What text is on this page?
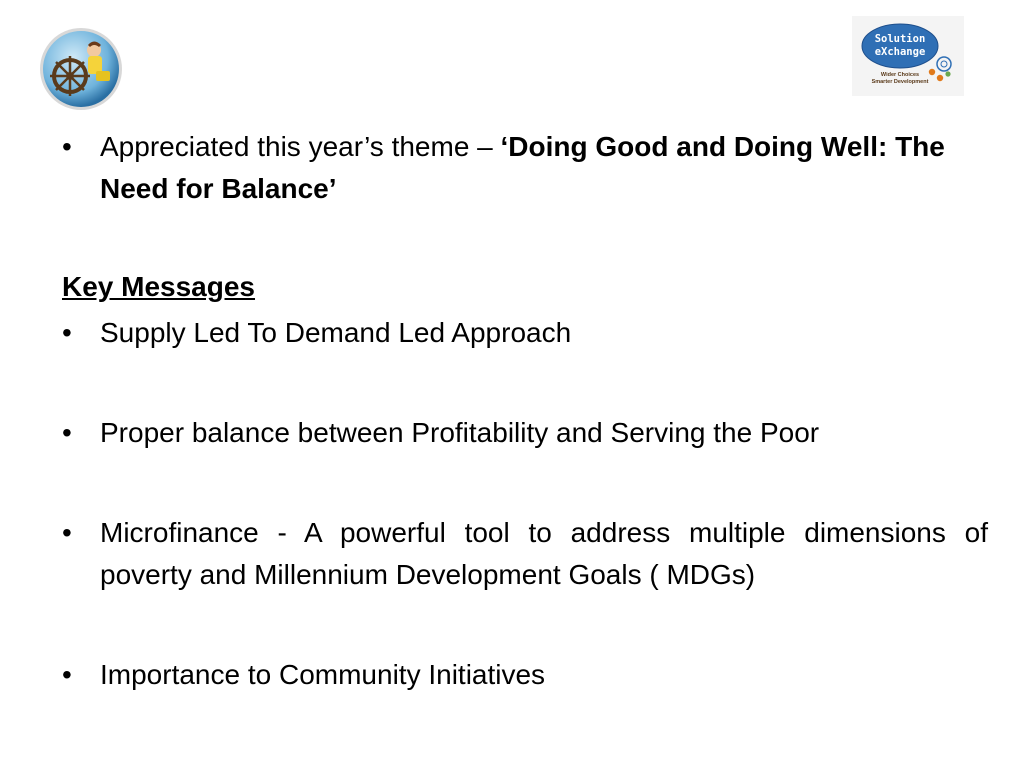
Solution
eXchange
Wider Choices
Smarter Development
•	Appreciated this year’s theme – ‘Doing Good and Doing Well: The Need for Balance’
Key Messages
•	Supply Led To Demand Led Approach
•	Proper balance between Profitability and Serving the Poor
•	Microfinance - A powerful tool to address multiple dimensions of poverty and Millennium Development Goals ( MDGs)
•	Importance to Community Initiatives
